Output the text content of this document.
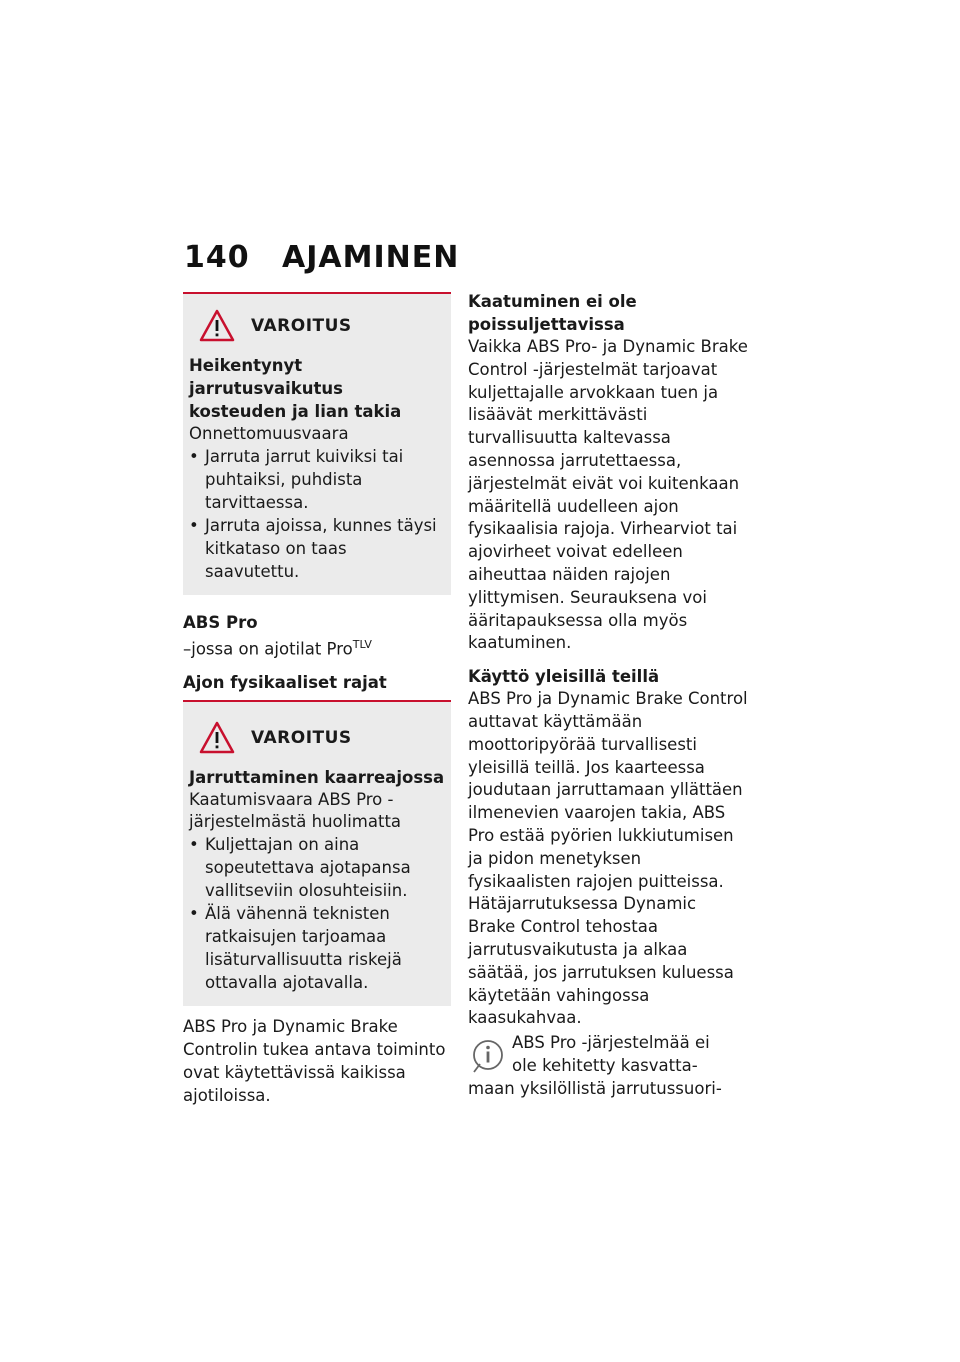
140 AJAMINEN
VAROITUS
Heikentynyt jarrutusvaikutus kosteuden ja lian takia
Onnettomuusvaara
• Jarruta jarrut kuiviksi tai puhtaiksi, puhdista tarvittaessa.
• Jarruta ajoissa, kunnes täysi kitkataso on taas saavutettu.
ABS Pro

–jossa on ajotilat Pro$^{TLV}$

Ajon fysikaaliset rajat
VAROITUS
Jarruttaminen kaarreajossa
Kaatumisvaara ABS Pro -järjestelmästä huolimatta
• Kuljettajan on aina sopeutettava ajotapansa vallitseviin olosuhteisiin.
• Älä vähennä teknisten ratkaisujen tarjoamaa lisäturvallisuutta riskejä ottavalla ajotavalla.

ABS Pro ja Dynamic Brake Controlin tukea antava toiminto ovat käytettävissä kaikissa ajotiloissa.

Kaatuminen ei ole poissuljettavissa

Vaikka ABS Pro- ja Dynamic Brake Control -järjestelmät tarjoavat kuljettajalle arvokkaan tuen ja lisäävät merkittävästi turvallisuutta kaltevassa asennossa jarrutettaessa, järjestelmät eivät voi kuitenkaan määritellä uudelleen ajon fysikaalisia rajoja. Virhearviot tai ajovirheet voivat edelleen aiheuttaa näiden rajojen ylittymisen. Seurauksena voi ääritapauksessa olla myös kaatuminen.

Käyttö yleisillä teillä

ABS Pro ja Dynamic Brake Control auttavat käyttämään moottoripyörää turvallisesti yleisillä teillä. Jos kaarteessa joudutaan jarruttamaan yllättäen ilmenevien vaarojen takia, ABS Pro estää pyörien lukkiutumisen ja pidon menetyksen fysikaalisten rajojen puitteissa. Hätäjarrutuksessa Dynamic Brake Control tehostaa jarrutusvaikutusta ja alkaa säätää, jos jarrutuksen kuluessa käytetään vahingossa kaasukahvaa.

ABS Pro -järjestelmää ei
ole kehitetty kasvatta-
maan yksilöllistä jarrutussuori-
